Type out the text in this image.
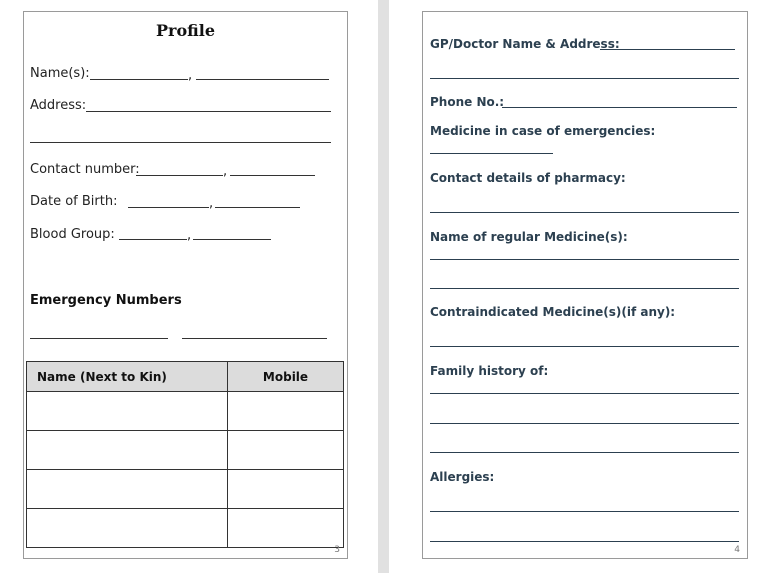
Profile
Name(s):	,
Address:
Contact number:	,
Date of Birth:	,
Blood Group:	,
Emergency Numbers
Name (Next to Kin)	Mobile

3
GP/Doctor Name & Address:
Phone No.:
Medicine in case of emergencies:
Contact details of pharmacy:
Name of regular Medicine(s):
Contraindicated Medicine(s)(if any):
Family history of:
Allergies:
4
